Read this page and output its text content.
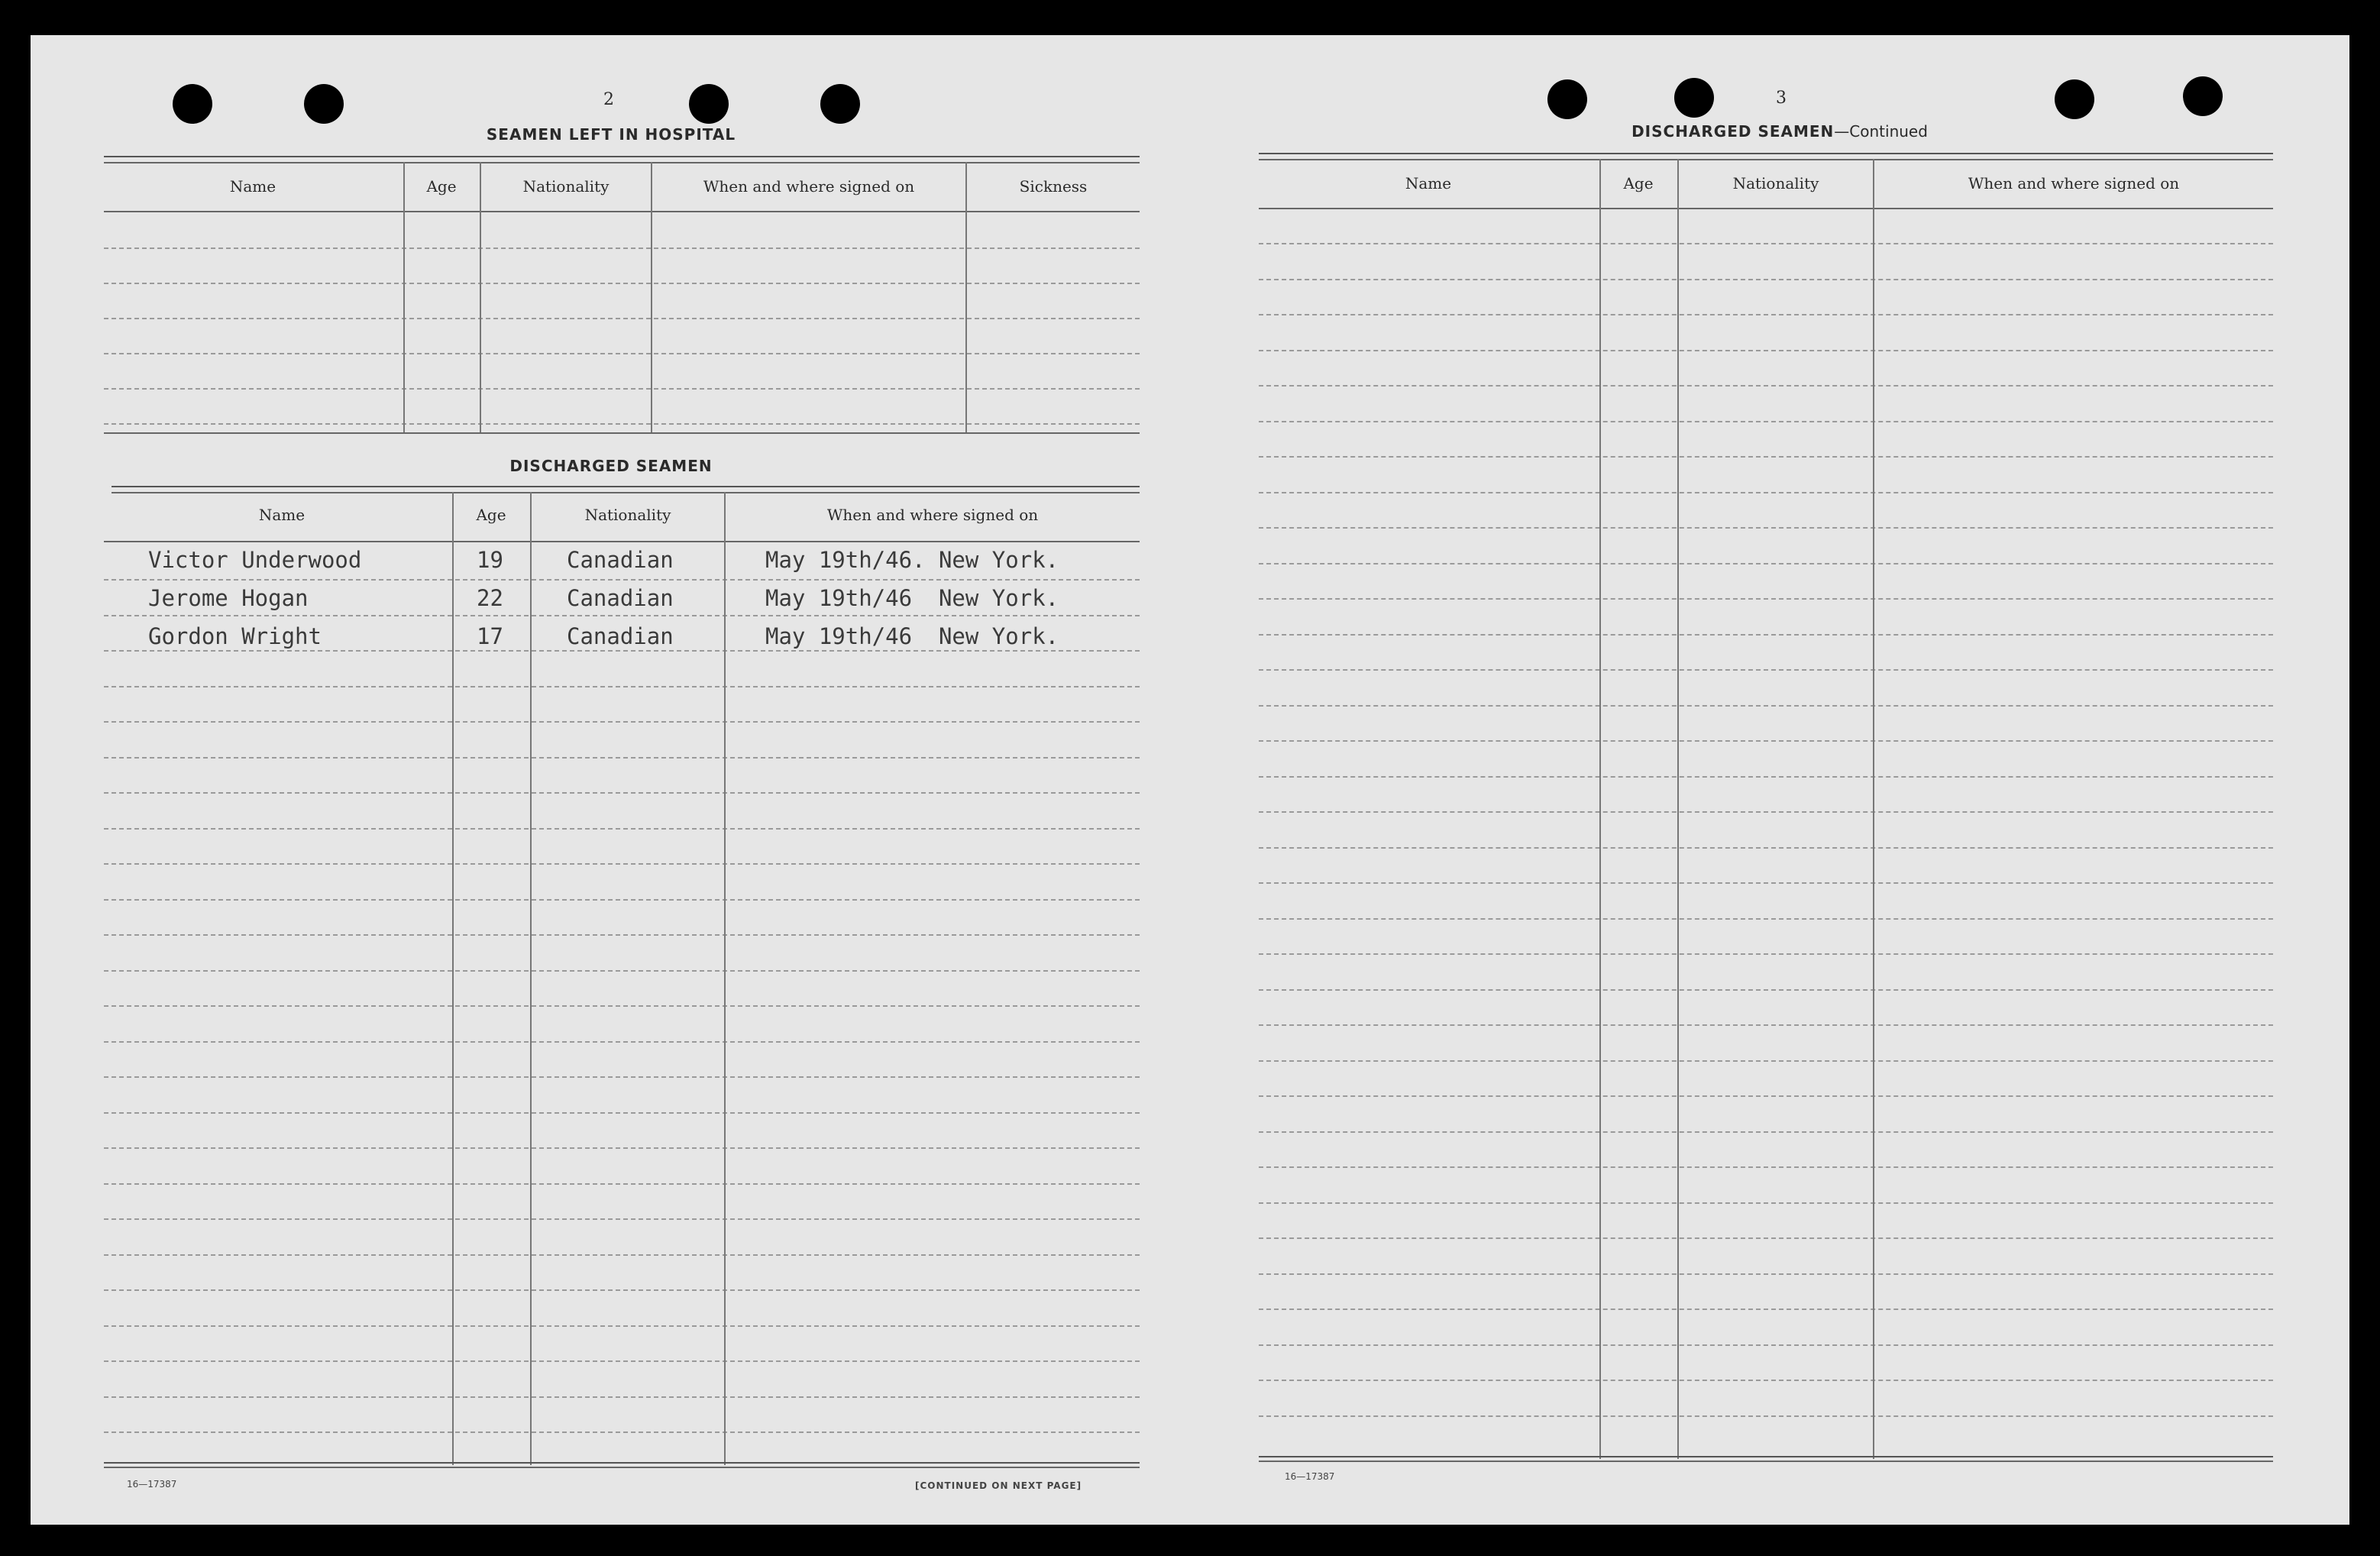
2
SEAMEN LEFT IN HOSPITAL
Name	Age	Nationality	When and where signed on	Sickness
DISCHARGED SEAMEN
Name	Age	Nationality	When and where signed on
Victor Underwood	19	Canadian	May 19th/46. New York.
Jerome Hogan	22	Canadian	May 19th/46  New York.
Gordon Wright	17	Canadian	May 19th/46  New York.
16—17387	[CONTINUED ON NEXT PAGE]
3
DISCHARGED SEAMEN—Continued
Name	Age	Nationality	When and where signed on
16—17387
